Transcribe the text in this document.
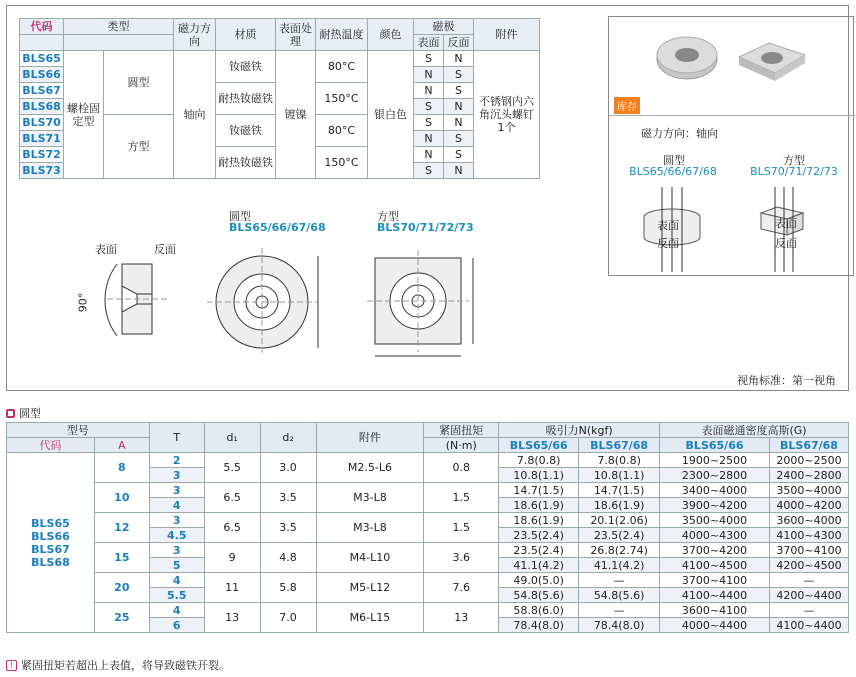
代码	类型		磁力方向	材质	表面处理	耐热温度	颜色	磁极		附件
								表面	反面	
BLS65	螺栓固定型	圆型	轴向	钕磁铁	镀镍	80°C	银白色	S	N	不锈钢内六角沉头螺钉1个
BLS66								N	S	
BLS67				耐热钕磁铁		150°C		N	S	
BLS68								S	N	
BLS70		方型		钕磁铁		80°C		S	N	
BLS71								N	S	
BLS72				耐热钕磁铁		150°C		N	S	
BLS73								S	N	
库存
磁力方向：轴向
圆型
BLS65/66/67/68
方型
BLS70/71/72/73
表面
反面
表面
反面
表面	反面
圆型
BLS65/66/67/68
方型
BLS70/71/72/73
90°
视角标准：第一视角
圆型
型号		T	d₁	d₂	附件	紧固扭矩	吸引力N(kgf)		表面磁通密度高斯(G)	
代码	A					(N·m)	BLS65/66	BLS67/68	BLS65/66	BLS67/68

BLS65
BLS66
BLS67
BLS68	8	2	5.5	3.0	M2.5-L6	0.8	7.8(0.8)	7.8(0.8)	1900~2500	2000~2500
		3					10.8(1.1)	10.8(1.1)	2300~2800	2400~2800
	10	3	6.5	3.5	M3-L8	1.5	14.7(1.5)	14.7(1.5)	3400~4000	3500~4000
		4					18.6(1.9)	18.6(1.9)	3900~4200	4000~4200
	12	3	6.5	3.5	M3-L8	1.5	18.6(1.9)	20.1(2.06)	3500~4000	3600~4000
		4.5					23.5(2.4)	23.5(2.4)	4000~4300	4100~4300
	15	3	9	4.8	M4-L10	3.6	23.5(2.4)	26.8(2.74)	3700~4200	3700~4100
		5					41.1(4.2)	41.1(4.2)	4100~4500	4200~4500
	20	4	11	5.8	M5-L12	7.6	49.0(5.0)	—	3700~4100	—
		5.5					54.8(5.6)	54.8(5.6)	4100~4400	4200~4400
	25	4	13	7.0	M6-L15	13	58.8(6.0)	—	3600~4100	—
		6					78.4(8.0)	78.4(8.0)	4000~4400	4100~4400
! 紧固扭矩若超出上表值，将导致磁铁开裂。
